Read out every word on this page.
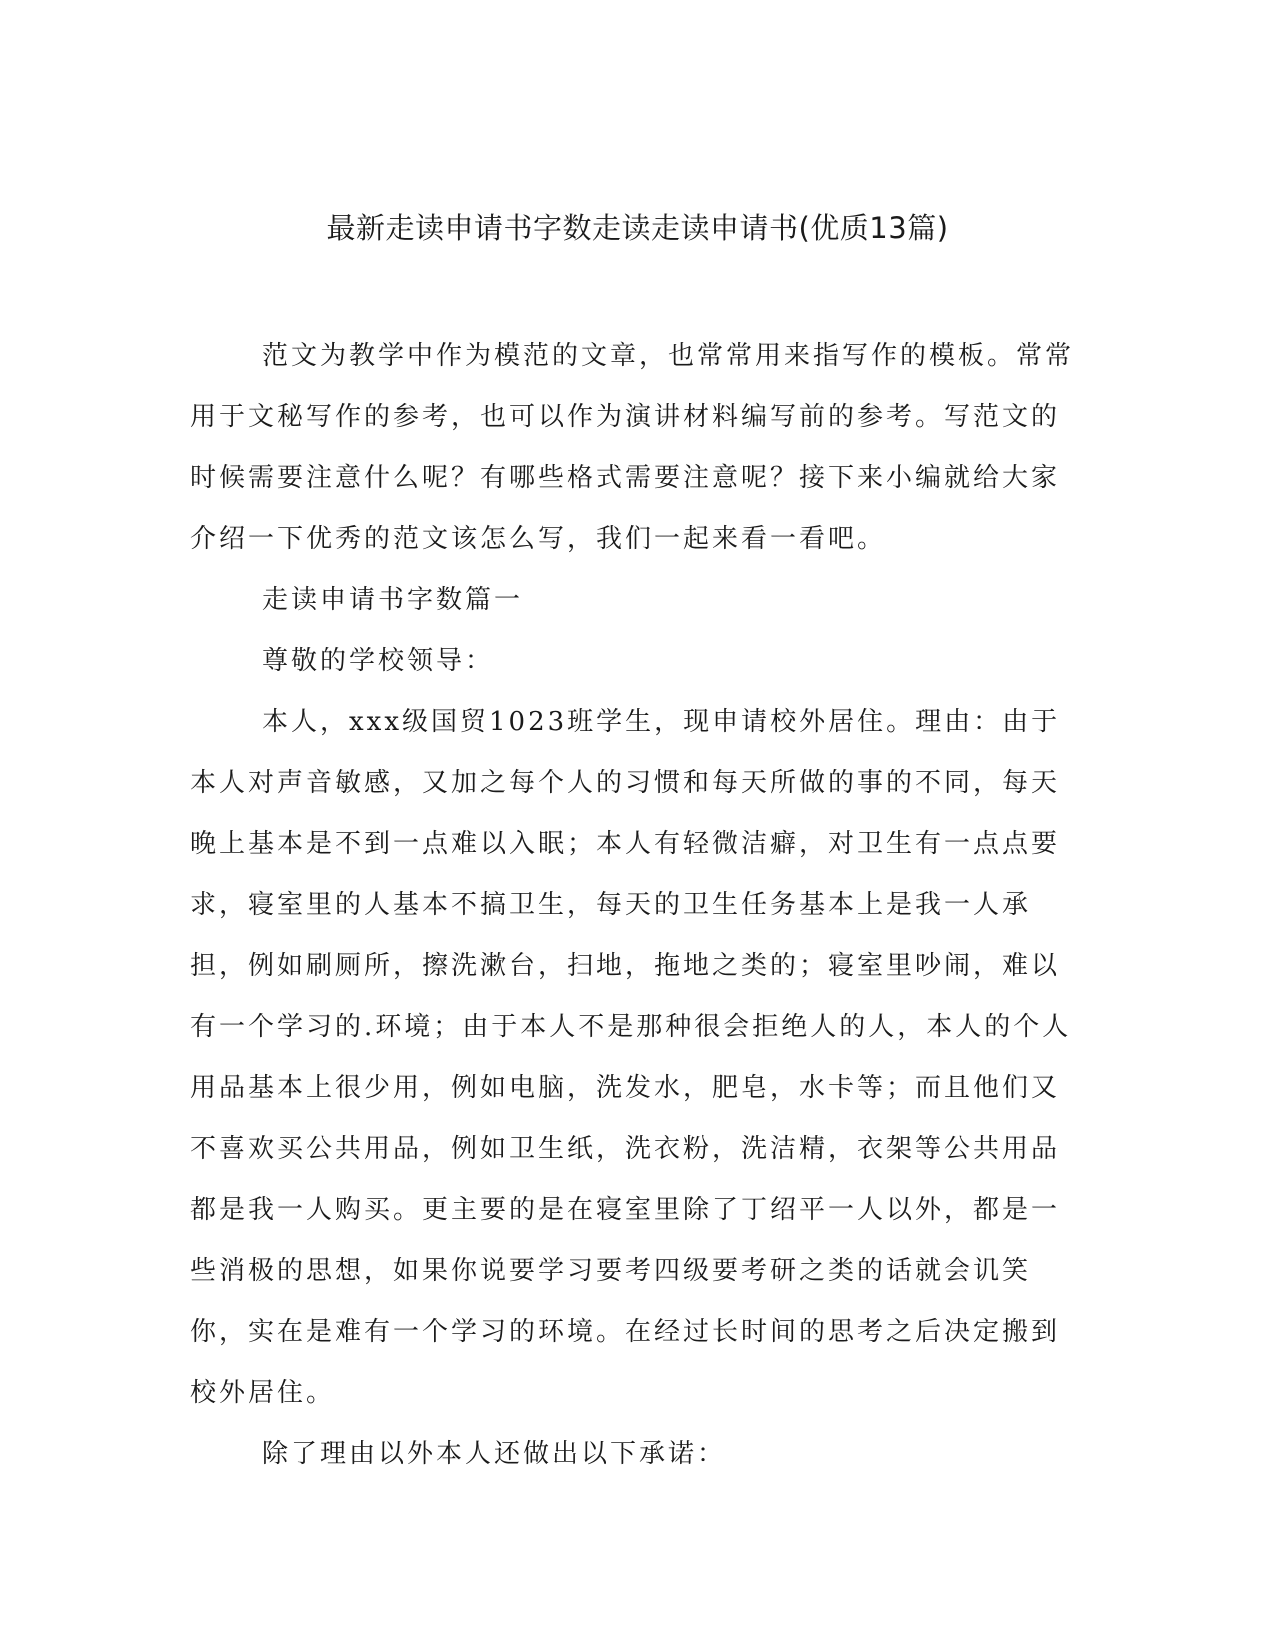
最新走读申请书字数走读走读申请书(优质13篇)

范文为教学中作为模范的文章，也常常用来指写作的模板。常常用于文秘写作的参考，也可以作为演讲材料编写前的参考。写范文的时候需要注意什么呢？有哪些格式需要注意呢？接下来小编就给大家介绍一下优秀的范文该怎么写，我们一起来看一看吧。

走读申请书字数篇一

尊敬的学校领导：

本人，xxx级国贸1023班学生，现申请校外居住。理由：由于本人对声音敏感，又加之每个人的习惯和每天所做的事的不同，每天晚上基本是不到一点难以入眠；本人有轻微洁癖，对卫生有一点点要求，寝室里的人基本不搞卫生，每天的卫生任务基本上是我一人承担，例如刷厕所，擦洗漱台，扫地，拖地之类的；寝室里吵闹，难以有一个学习的.环境；由于本人不是那种很会拒绝人的人，本人的个人用品基本上很少用，例如电脑，洗发水，肥皂，水卡等；而且他们又不喜欢买公共用品，例如卫生纸，洗衣粉，洗洁精，衣架等公共用品都是我一人购买。更主要的是在寝室里除了丁绍平一人以外，都是一些消极的思想，如果你说要学习要考四级要考研之类的话就会讥笑你，实在是难有一个学习的环境。在经过长时间的思考之后决定搬到校外居住。

除了理由以外本人还做出以下承诺：
